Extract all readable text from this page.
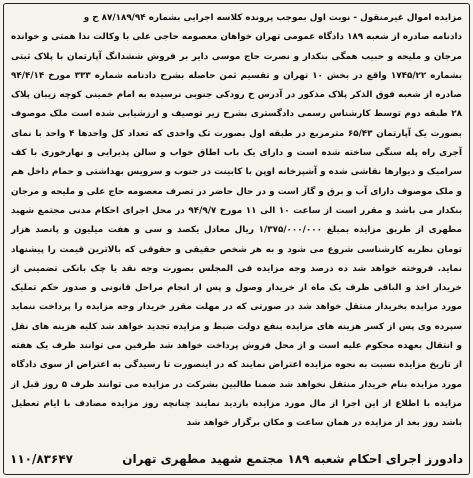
مزایده اموال غیرمنقول - نوبت اول بموجب پرونده کلاسه اجرایی بشماره ۸۷/۱۸۹/۹۴ ح و

دادنامه صادره از شعبه ۱۸۹ دادگاه عمومی تهران خواهان معصومه حاجی علی با وکالت ندا همتی و خوانده مرجان و ملیحه و حبیب همگی بنکدار و نصرت حاج موسی دایر بر فروش ششدانگ آپارتمان با پلاک ثبتی بشماره ۱۷۴۵/۲۲ واقع در بخش ۱۰ تهران و تقسیم ثمن حاصله بشرح دادنامه شماره ۳۳۳ مورخ ۹۴/۴/۱۴ صادره از شعبه فوق الذکر پلاک مذکور در آدرس خ رودکی جنوبی نرسیده به امام خمینی کوچه زیبان پلاک ۲۸ طبقه دوم توسط کارشناس رسمی دادگستری بشرح زیر توصیف و ارزشیابی شده است ملک موصوف بصورت یک آپارتمان ۶۵/۴۳ مترمربع در طبقه اول بصورت تک واحدی که تعداد کل واحدها ۴ واحد با نمای آجری راه پله سنگی ساخته شده است و دارای یک باب اطاق خواب و سالن پذیرایی و نهارخوری با کف سرامیک و دیوارها نقاشی شده و آشپزخانه اوپن با کابینت در جنوب و سرویس بهداشتی و حمام داخل هم و ملک موصوف دارای آب و برق و گاز است و در حال حاضر در تصرف معصومه حاج علی و ملیحه و مرجان بنکدار می باشد و مقرر است از ساعت ۱۰ الی ۱۱ مورخ ۹۴/۹/۷ در محل اجرای احکام مدنی مجتمع شهید مطهری از طریق مزایده بمبلغ ۱/۳۷۵/۰۰۰/۰۰۰ ریال معادل یکصد و سی و هفت میلیون و پانصد هزار تومان نظریه کارشناسی شروع می شود و به هر شخص حقیقی و حقوقی که بالاترین قیمت را پیشنهاد نماید. فروخته خواهد شد ده درصد وجه مزایده فی المجلس بصورت وجه نقد یا چک بانکی تضمینی از خریدار اخذ و الباقی ظرف یک ماه از خریدار وصول و پس از انجام مراحل قانونی و صدور حکم تملیک مورد مزایده بخریدار منتقل خواهد شد در صورتی که در مهلت مقرر خریدار وجه مزایده را پرداخت ننماید سپرده وی پس از کسر هزینه های مزایده بنفع دولت ضبط و مزایده تجدید خواهد شد کلیه هزینه های نقل و انتقال بعهده محکوم علیه است و از محل فروش پرداخت خواهد شد طرفین می توانند ظرف یک هفته از تاریخ مزایده نسبت به نحوه مزایده اعتراض نمایند که در اینصورت تا رسیدگی به اعتراض از سوی دادگاه مورد مزایده بنام خریدار منتقل نخواهد شد ضمنا طالبین بشرکت در مزایده می توانند ظرف ۵ روز قبل از مزایده با اطلاع از این اجرا از مال مورد مزایده بازدید نمایند چنانچه روز مزایده مصادف با ایام تعطیل باشد روز بعد از مزایده در همان ساعت و مکان برگزار خواهد شد

دادورز اجرای احکام شعبه ۱۸۹ مجتمع شهید مطهری تهران
۱۱۰/۸۳۶۴۷
